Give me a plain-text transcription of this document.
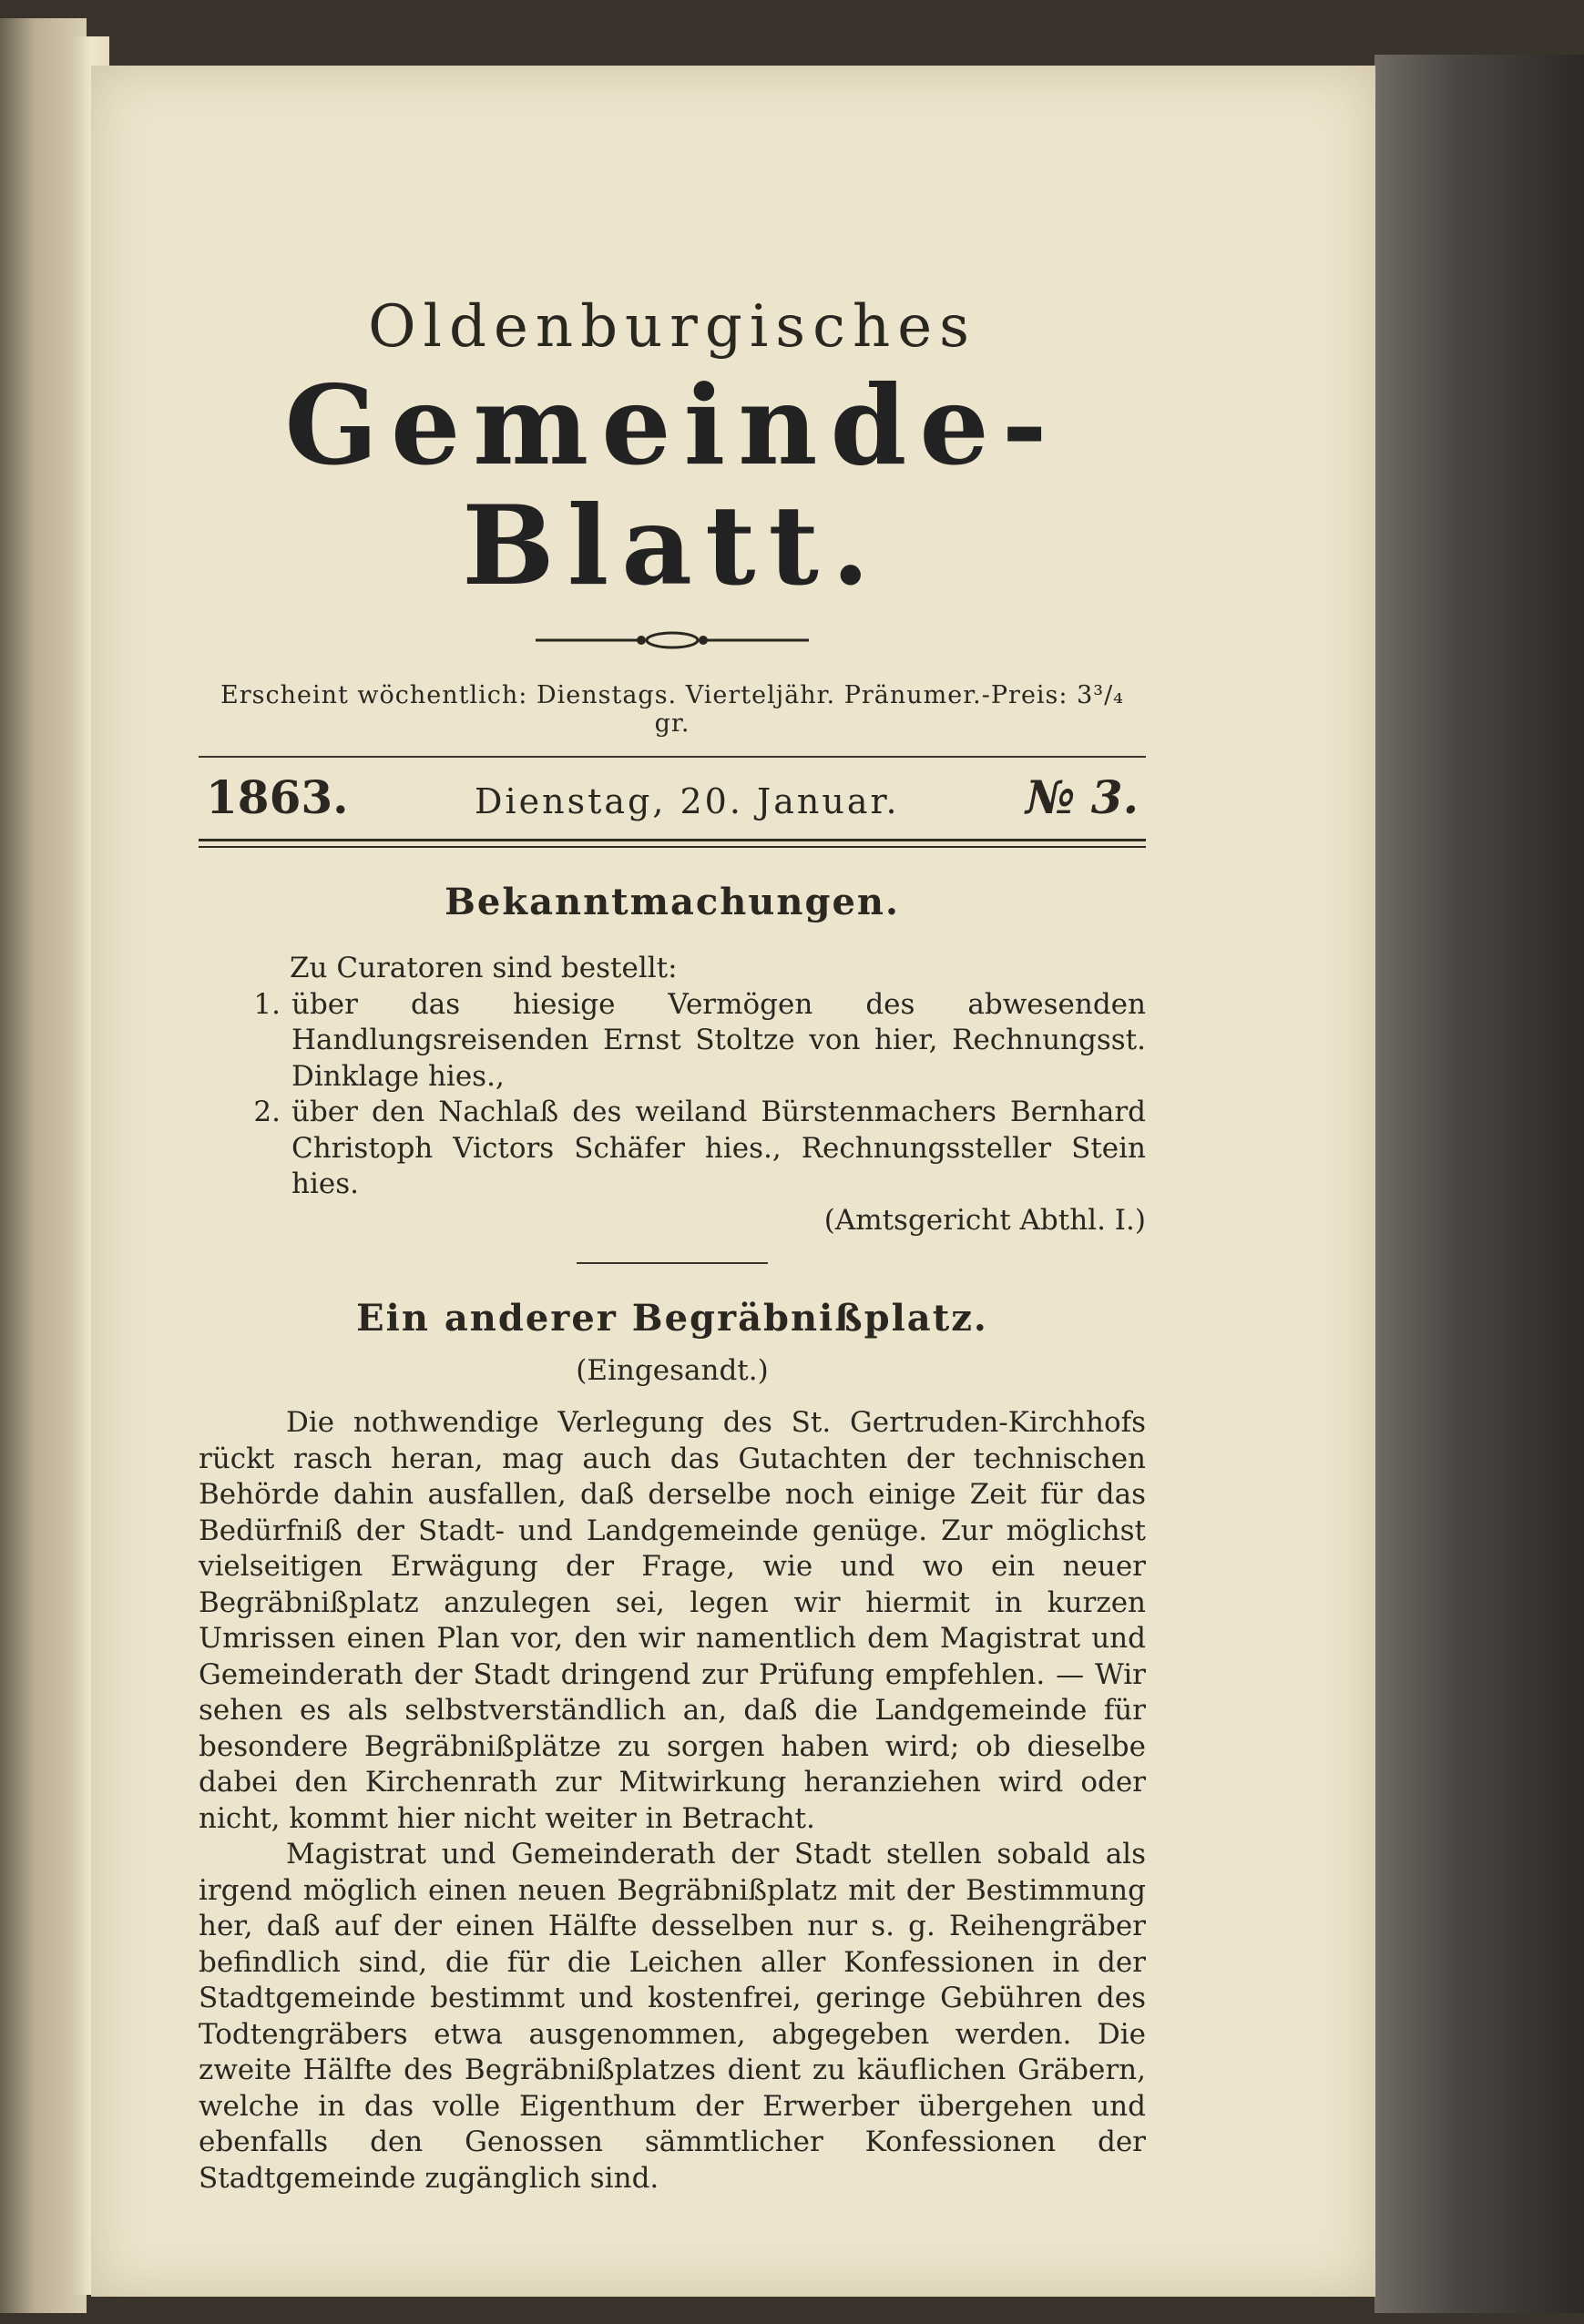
Oldenburgisches
Gemeinde-Blatt.
Erscheint wöchentlich: Dienstags. Vierteljähr. Pränumer.-Preis: 3³/₄ gr.
1863.	Dienstag, 20. Januar.	№ 3.
Bekanntmachungen.

Zu Curatoren sind bestellt:

1. über das hiesige Vermögen des abwesenden Handlungsreisenden Ernst Stoltze von hier, Rechnungsst. Dinklage hies.,

2. über den Nachlaß des weiland Bürstenmachers Bernhard Christoph Victors Schäfer hies., Rechnungssteller Stein hies.

(Amtsgericht Abthl. I.)

Ein anderer Begräbnißplatz.
(Eingesandt.)

Die nothwendige Verlegung des St. Gertruden-Kirchhofs rückt rasch heran, mag auch das Gutachten der technischen Behörde dahin ausfallen, daß derselbe noch einige Zeit für das Bedürfniß der Stadt- und Landgemeinde genüge. Zur möglichst vielseitigen Erwägung der Frage, wie und wo ein neuer Begräbnißplatz anzulegen sei, legen wir hiermit in kurzen Umrissen einen Plan vor, den wir namentlich dem Magistrat und Gemeinderath der Stadt dringend zur Prüfung empfehlen. — Wir sehen es als selbstverständlich an, daß die Landgemeinde für besondere Begräbnißplätze zu sorgen haben wird; ob dieselbe dabei den Kirchenrath zur Mitwirkung heranziehen wird oder nicht, kommt hier nicht weiter in Betracht.

Magistrat und Gemeinderath der Stadt stellen sobald als irgend möglich einen neuen Begräbnißplatz mit der Bestimmung her, daß auf der einen Hälfte desselben nur s. g. Reihengräber befindlich sind, die für die Leichen aller Konfessionen in der Stadtgemeinde bestimmt und kostenfrei, geringe Gebühren des Todtengräbers etwa ausgenommen, abgegeben werden. Die zweite Hälfte des Begräbnißplatzes dient zu käuflichen Gräbern, welche in das volle Eigenthum der Erwerber übergehen und ebenfalls den Genossen sämmtlicher Konfessionen der Stadtgemeinde zugänglich sind.
